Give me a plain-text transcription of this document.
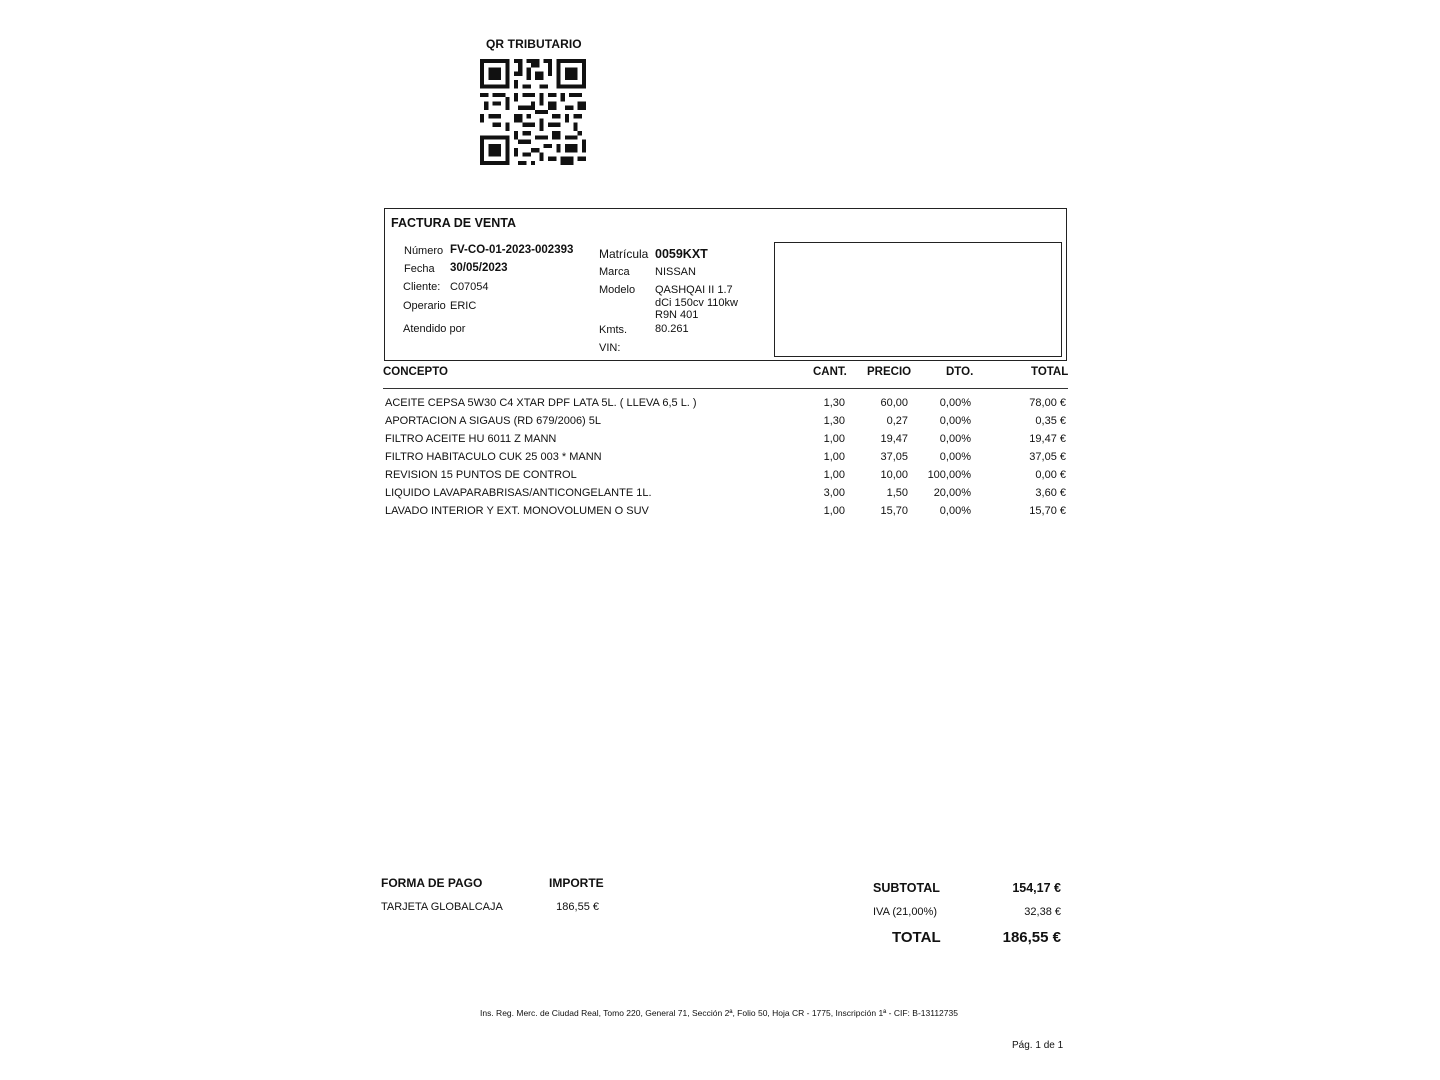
QR TRIBUTARIO
FACTURA DE VENTA
Número FV-CO-01-2023-002393
Fecha 30/05/2023
Cliente: C07054
Operario ERIC
Atendido por
Matrícula 0059KXT
Marca NISSAN
Modelo QASHQAI II 1.7
dCi 150cv 110kw
R9N 401
Kmts.	80.261
VIN:
CONCEPTO	CANT. PRECIO	DTO.	TOTAL
ACEITE CEPSA 5W30 C4 XTAR DPF LATA 5L. ( LLEVA 6,5 L. )	1,30	60,00	0,00%	78,00 €
APORTACION A SIGAUS (RD 679/2006) 5L	1,30	0,27	0,00%	0,35 €
FILTRO ACEITE HU 6011 Z MANN	1,00	19,47	0,00%	19,47 €
FILTRO HABITACULO CUK 25 003 * MANN	1,00	37,05	0,00%	37,05 €
REVISION 15 PUNTOS DE CONTROL	1,00	10,00	100,00%	0,00 €
LIQUIDO LAVAPARABRISAS/ANTICONGELANTE 1L.	3,00	1,50	20,00%	3,60 €
LAVADO INTERIOR Y EXT. MONOVOLUMEN O SUV	1,00	15,70	0,00%	15,70 €
FORMA DE PAGO	IMPORTE
TARJETA GLOBALCAJA	186,55 €
SUBTOTAL	154,17 €
IVA (21,00%)	32,38 €
TOTAL	186,55 €
Ins. Reg. Merc. de Ciudad Real, Tomo 220, General 71, Sección 2ª, Folio 50, Hoja CR - 1775, Inscripción 1ª - CIF: B-13112735
Pág. 1 de 1
